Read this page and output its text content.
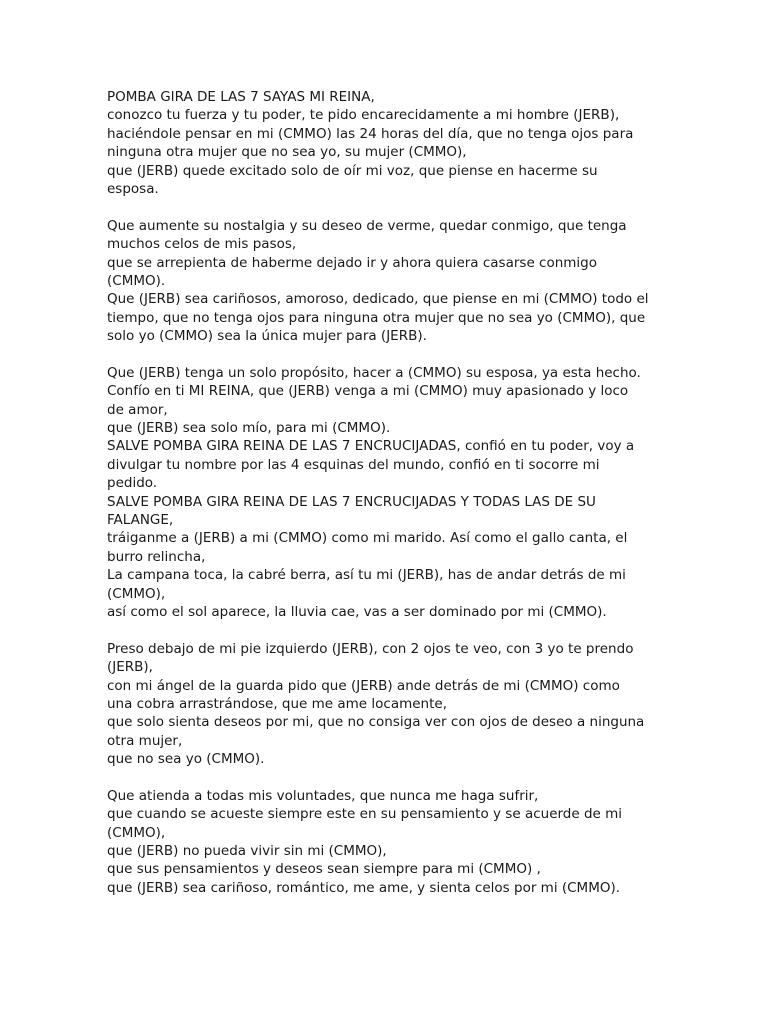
POMBA GIRA DE LAS 7 SAYAS MI REINA,
conozco tu fuerza y tu poder, te pido encarecidamente a mi hombre (JERB),
haciéndole pensar en mi (CMMO) las 24 horas del día, que no tenga ojos para
ninguna otra mujer que no sea yo, su mujer (CMMO),
que (JERB) quede excitado solo de oír mi voz, que piense en hacerme su
esposa.
Que aumente su nostalgia y su deseo de verme, quedar conmigo, que tenga
muchos celos de mis pasos,
que se arrepienta de haberme dejado ir y ahora quiera casarse conmigo
(CMMO).
Que (JERB) sea cariñosos, amoroso, dedicado, que piense en mi (CMMO) todo el
tiempo, que no tenga ojos para ninguna otra mujer que no sea yo (CMMO), que
solo yo (CMMO) sea la única mujer para (JERB).
Que (JERB) tenga un solo propósito, hacer a (CMMO) su esposa, ya esta hecho.
Confío en ti MI REINA, que (JERB) venga a mi (CMMO) muy apasionado y loco
de amor,
que (JERB) sea solo mío, para mi (CMMO).
SALVE POMBA GIRA REINA DE LAS 7 ENCRUCIJADAS, confió en tu poder, voy a
divulgar tu nombre por las 4 esquinas del mundo, confió en ti socorre mi
pedido.
SALVE POMBA GIRA REINA DE LAS 7 ENCRUCIJADAS Y TODAS LAS DE SU
FALANGE,
tráiganme a (JERB) a mi (CMMO) como mi marido. Así como el gallo canta, el
burro relincha,
La campana toca, la cabré berra, así tu mi (JERB), has de andar detrás de mi
(CMMO),
así como el sol aparece, la lluvia cae, vas a ser dominado por mi (CMMO).
Preso debajo de mi pie izquierdo (JERB), con 2 ojos te veo, con 3 yo te prendo
(JERB),
con mi ángel de la guarda pido que (JERB) ande detrás de mi (CMMO) como
una cobra arrastrándose, que me ame locamente,
que solo sienta deseos por mi, que no consiga ver con ojos de deseo a ninguna
otra mujer,
que no sea yo (CMMO).
Que atienda a todas mis voluntades, que nunca me haga sufrir,
que cuando se acueste siempre este en su pensamiento y se acuerde de mi
(CMMO),
que (JERB) no pueda vivir sin mi (CMMO),
que sus pensamientos y deseos sean siempre para mi (CMMO) ,
que (JERB) sea cariñoso, romántico, me ame, y sienta celos por mi (CMMO).
